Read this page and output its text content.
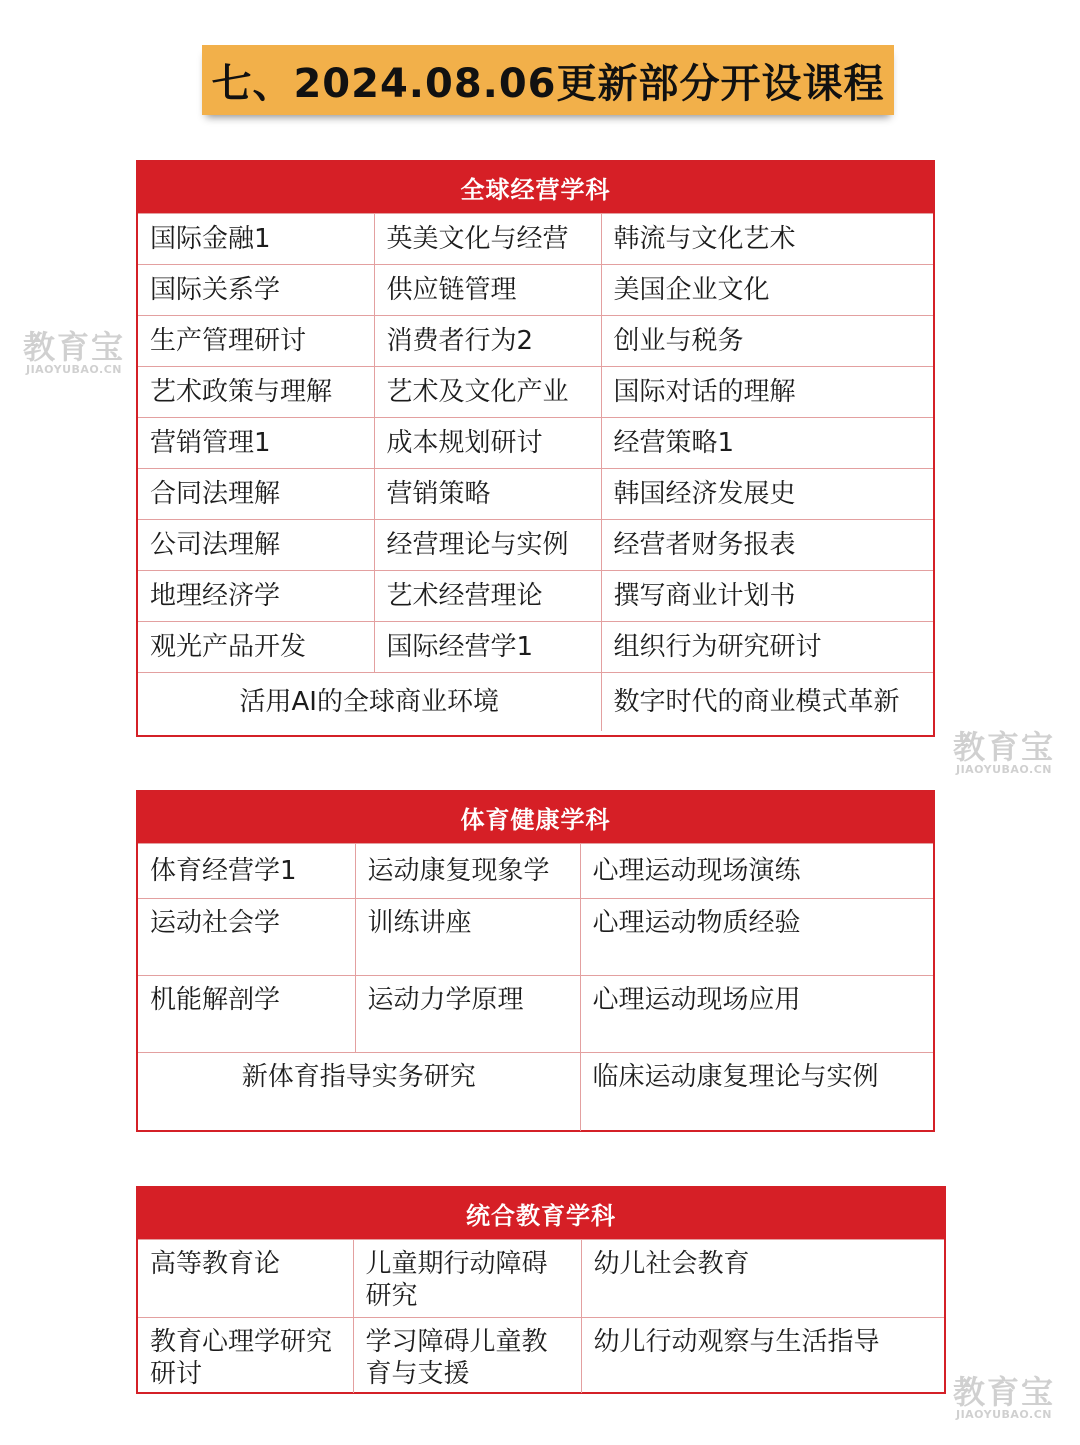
七、2024.08.06更新部分开设课程
教育宝
JIAOYUBAO.CN
教育宝
JIAOYUBAO.CN
教育宝
JIAOYUBAO.CN
全球经营学科
国际金融1	英美文化与经营	韩流与文化艺术
国际关系学	供应链管理	美国企业文化
生产管理研讨	消费者行为2	创业与税务
艺术政策与理解	艺术及文化产业	国际对话的理解
营销管理1	成本规划研讨	经营策略1
合同法理解	营销策略	韩国经济发展史
公司法理解	经营理论与实例	经营者财务报表
地理经济学	艺术经营理论	撰写商业计划书
观光产品开发	国际经营学1	组织行为研究研讨
活用AI的全球商业环境		数字时代的商业模式革新
体育健康学科
体育经营学1	运动康复现象学	心理运动现场演练
运动社会学	训练讲座	心理运动物质经验
机能解剖学	运动力学原理	心理运动现场应用
新体育指导实务研究		临床运动康复理论与实例
统合教育学科
高等教育论	儿童期行动障碍研究	幼儿社会教育
教育心理学研究研讨	学习障碍儿童教育与支援	幼儿行动观察与生活指导
